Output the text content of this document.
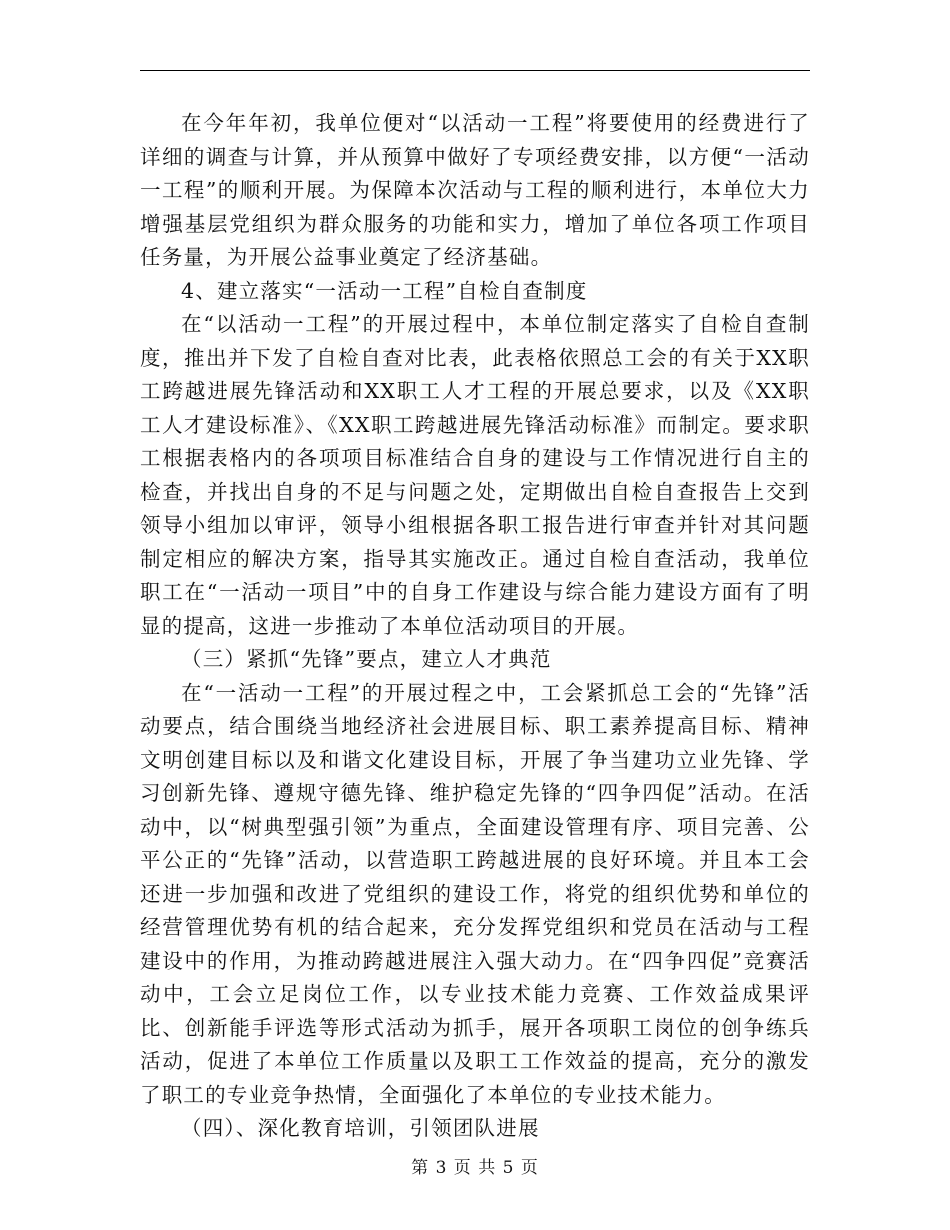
在今年年初，我单位便对“以活动一工程”将要使用的经费进行了详细的调查与计算，并从预算中做好了专项经费安排，以方便“一活动一工程”的顺利开展。为保障本次活动与工程的顺利进行，本单位大力增强基层党组织为群众服务的功能和实力，增加了单位各项工作项目任务量，为开展公益事业奠定了经济基础。

4、建立落实“一活动一工程”自检自查制度

在“以活动一工程”的开展过程中，本单位制定落实了自检自查制度，推出并下发了自检自查对比表，此表格依照总工会的有关于XX职工跨越进展先锋活动和XX职工人才工程的开展总要求，以及《XX职工人才建设标准》、《XX职工跨越进展先锋活动标准》而制定。要求职工根据表格内的各项项目标准结合自身的建设与工作情况进行自主的检查，并找出自身的不足与问题之处，定期做出自检自查报告上交到领导小组加以审评，领导小组根据各职工报告进行审查并针对其问题制定相应的解决方案，指导其实施改正。通过自检自查活动，我单位职工在“一活动一项目”中的自身工作建设与综合能力建设方面有了明显的提高，这进一步推动了本单位活动项目的开展。

（三）紧抓“先锋”要点，建立人才典范

在“一活动一工程”的开展过程之中，工会紧抓总工会的“先锋”活动要点，结合围绕当地经济社会进展目标、职工素养提高目标、精神文明创建目标以及和谐文化建设目标，开展了争当建功立业先锋、学习创新先锋、遵规守德先锋、维护稳定先锋的“四争四促”活动。在活动中，以“树典型强引领”为重点，全面建设管理有序、项目完善、公平公正的“先锋”活动，以营造职工跨越进展的良好环境。并且本工会还进一步加强和改进了党组织的建设工作，将党的组织优势和单位的经营管理优势有机的结合起来，充分发挥党组织和党员在活动与工程建设中的作用，为推动跨越进展注入强大动力。在“四争四促”竞赛活动中，工会立足岗位工作，以专业技术能力竞赛、工作效益成果评比、创新能手评选等形式活动为抓手，展开各项职工岗位的创争练兵活动，促进了本单位工作质量以及职工工作效益的提高，充分的激发了职工的专业竞争热情，全面强化了本单位的专业技术能力。

（四）、深化教育培训，引领团队进展

第 3 页 共 5 页
